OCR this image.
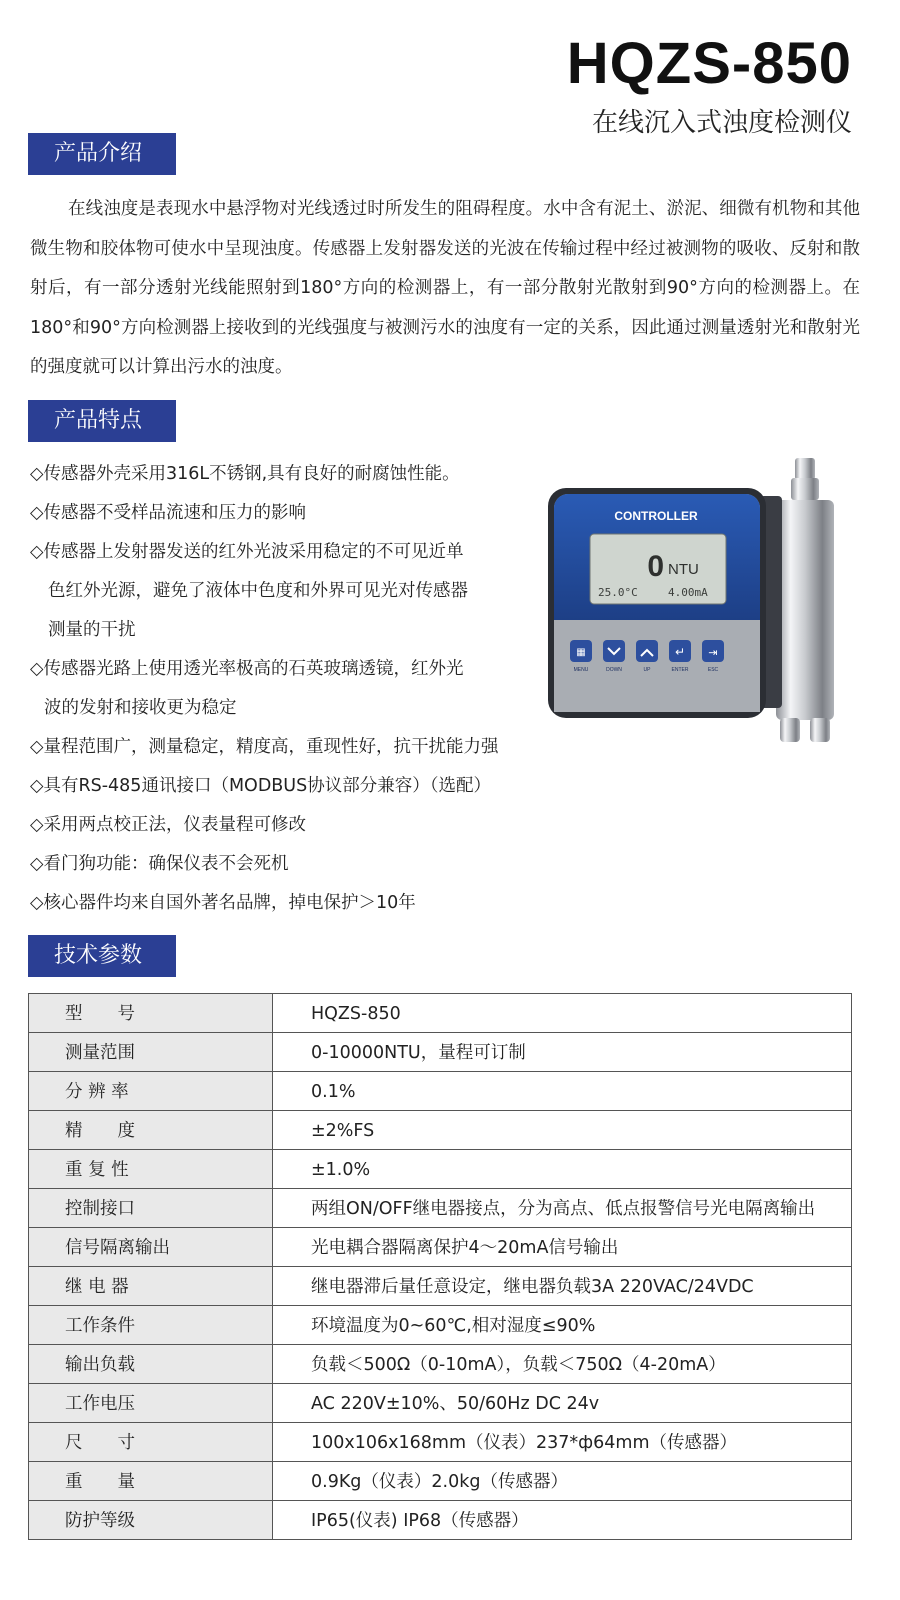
HQZS-850
在线沉入式浊度检测仪
产品介绍

在线浊度是表现水中悬浮物对光线透过时所发生的阻碍程度。水中含有泥土、淤泥、细微有机物和其他微生物和胶体物可使水中呈现浊度。传感器上发射器发送的光波在传输过程中经过被测物的吸收、反射和散射后，有一部分透射光线能照射到180°方向的检测器上，有一部分散射光散射到90°方向的检测器上。在180°和90°方向检测器上接收到的光线强度与被测污水的浊度有一定的关系，因此通过测量透射光和散射光的强度就可以计算出污水的浊度。

产品特点
◇传感器外壳采用316L不锈钢,具有良好的耐腐蚀性能。
◇传感器不受样品流速和压力的影响
◇传感器上发射器发送的红外光波采用稳定的不可见近单
色红外光源，避免了液体中色度和外界可见光对传感器
测量的干扰
◇传感器光路上使用透光率极高的石英玻璃透镜，红外光
波的发射和接收更为稳定
◇量程范围广，测量稳定，精度高，重现性好，抗干扰能力强
◇具有RS-485通讯接口（MODBUS协议部分兼容）（选配）
◇采用两点校正法，仪表量程可修改
◇看门狗功能：确保仪表不会死机
◇核心器件均来自国外著名品牌，掉电保护＞10年
CONTROLLER
0 NTU
25.0°C	4.00mA
▦	↵ ⇥
MENU	DOWN	UP	ENTER	ESC
技术参数
型　　号	HQZS-850
测量范围	0-10000NTU，量程可订制
分 辨 率	0.1%
精　　度	±2%FS
重 复 性	±1.0%
控制接口	两组ON/OFF继电器接点，分为高点、低点报警信号光电隔离输出
信号隔离输出	光电耦合器隔离保护4～20mA信号输出
继 电 器	继电器滞后量任意设定，继电器负载3A 220VAC/24VDC
工作条件	环境温度为0~60℃,相对湿度≤90%
输出负载	负载＜500Ω（0-10mA），负载＜750Ω（4-20mA）
工作电压	AC 220V±10%、50/60Hz DC 24v
尺　　寸	100x106x168mm（仪表）237*ф64mm（传感器）
重　　量	0.9Kg（仪表）2.0kg（传感器）
防护等级	IP65(仪表) IP68（传感器）
